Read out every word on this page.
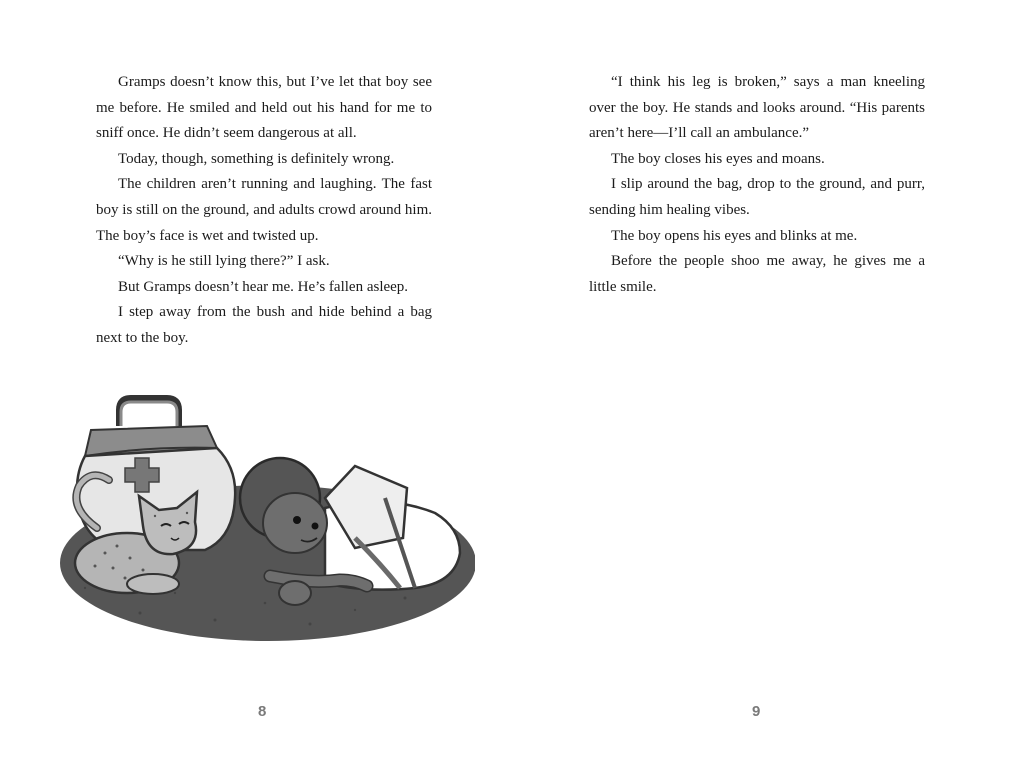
Gramps doesn’t know this, but I’ve let that boy see me before. He smiled and held out his hand for me to sniff once. He didn’t seem dangerous at all.

Today, though, something is definitely wrong.

The children aren’t running and laughing. The fast boy is still on the ground, and adults crowd around him. The boy’s face is wet and twisted up.

“Why is he still lying there?” I ask.

But Gramps doesn’t hear me. He’s fallen asleep.

I step away from the bush and hide behind a bag next to the boy.

8

“I think his leg is broken,” says a man kneeling over the boy. He stands and looks around. “His parents aren’t here—I’ll call an ambulance.”

The boy closes his eyes and moans.

I slip around the bag, drop to the ground, and purr, sending him healing vibes.

The boy opens his eyes and blinks at me.

Before the people shoo me away, he gives me a little smile.

9
